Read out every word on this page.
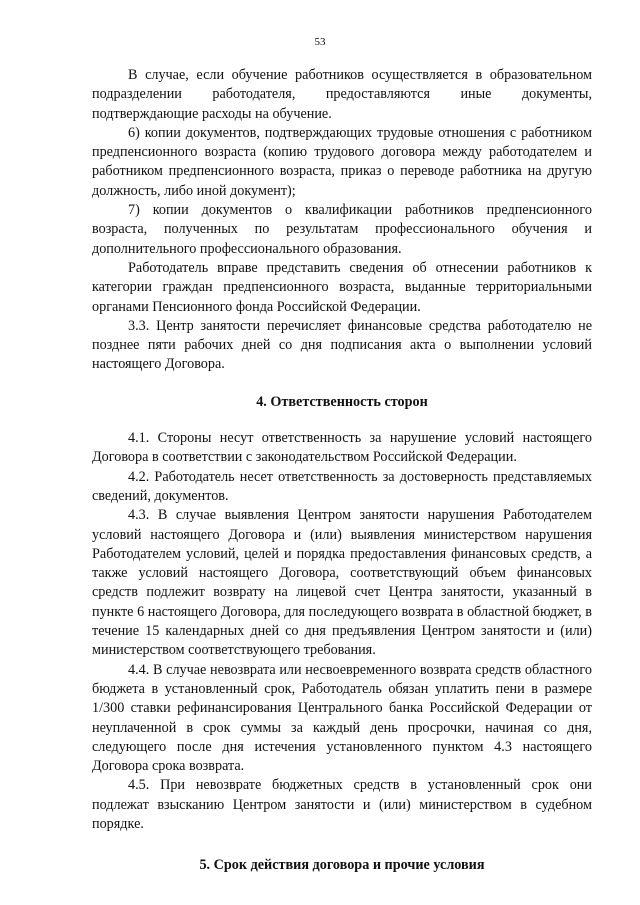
53

В случае, если обучение работников осуществляется в образовательном подразделении работодателя, предоставляются иные документы, подтверждающие расходы на обучение.

6) копии документов, подтверждающих трудовые отношения с работником предпенсионного возраста (копию трудового договора между работодателем и работником предпенсионного возраста, приказ о переводе работника на другую должность, либо иной документ);

7) копии документов о квалификации работников предпенсионного возраста, полученных по результатам профессионального обучения и дополнительного профессионального образования.

Работодатель вправе представить сведения об отнесении работников к категории граждан предпенсионного возраста, выданные территориальными органами Пенсионного фонда Российской Федерации.

3.3. Центр занятости перечисляет финансовые средства работодателю не позднее пяти рабочих дней со дня подписания акта о выполнении условий настоящего Договора.

4. Ответственность сторон

4.1. Стороны несут ответственность за нарушение условий настоящего Договора в соответствии с законодательством Российской Федерации.

4.2. Работодатель несет ответственность за достоверность представляемых сведений, документов.

4.3. В случае выявления Центром занятости нарушения Работодателем условий настоящего Договора и (или) выявления министерством нарушения Работодателем условий, целей и порядка предоставления финансовых средств, а также условий настоящего Договора, соответствующий объем финансовых средств подлежит возврату на лицевой счет Центра занятости, указанный в пункте 6 настоящего Договора, для последующего возврата в областной бюджет, в течение 15 календарных дней со дня предъявления Центром занятости и (или) министерством соответствующего требования.

4.4. В случае невозврата или несвоевременного возврата средств областного бюджета в установленный срок, Работодатель обязан уплатить пени в размере 1/300 ставки рефинансирования Центрального банка Российской Федерации от неуплаченной в срок суммы за каждый день просрочки, начиная со дня, следующего после дня истечения установленного пунктом 4.3 настоящего Договора срока возврата.

4.5. При невозврате бюджетных средств в установленный срок они подлежат взысканию Центром занятости и (или) министерством в судебном порядке.

5. Срок действия договора и прочие условия
